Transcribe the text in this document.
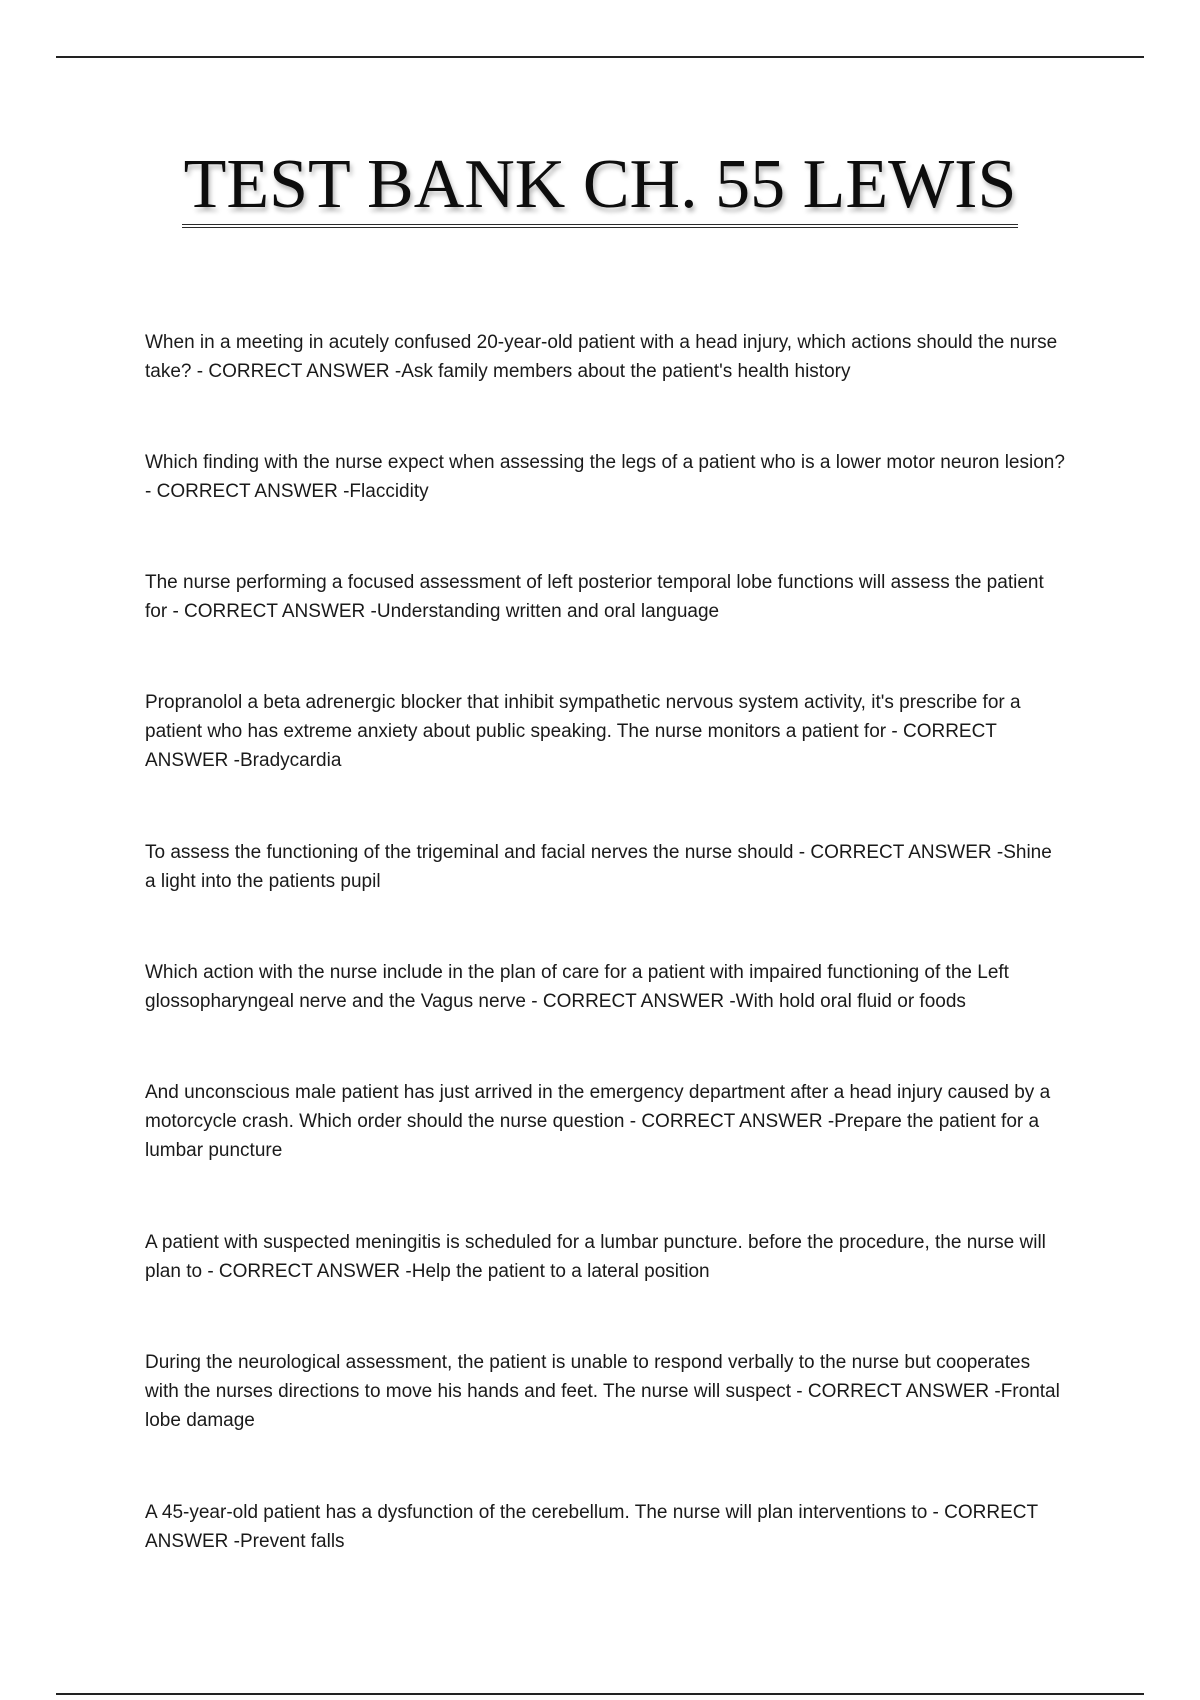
TEST BANK CH. 55 LEWIS

When in a meeting in acutely confused 20-year-old patient with a head injury, which actions should the nurse take? - CORRECT ANSWER -Ask family members about the patient's health history

Which finding with the nurse expect when assessing the legs of a patient who is a lower motor neuron lesion? - CORRECT ANSWER -Flaccidity

The nurse performing a focused assessment of left posterior temporal lobe functions will assess the patient for - CORRECT ANSWER -Understanding written and oral language

Propranolol a beta adrenergic blocker that inhibit sympathetic nervous system activity, it's prescribe for a patient who has extreme anxiety about public speaking. The nurse monitors a patient for - CORRECT ANSWER -Bradycardia

To assess the functioning of the trigeminal and facial nerves the nurse should - CORRECT ANSWER -Shine a light into the patients pupil

Which action with the nurse include in the plan of care for a patient with impaired functioning of the Left glossopharyngeal nerve and the Vagus nerve - CORRECT ANSWER -With hold oral fluid or foods

And unconscious male patient has just arrived in the emergency department after a head injury caused by a motorcycle crash. Which order should the nurse question - CORRECT ANSWER -Prepare the patient for a lumbar puncture

A patient with suspected meningitis is scheduled for a lumbar puncture. before the procedure, the nurse will plan to - CORRECT ANSWER -Help the patient to a lateral position

During the neurological assessment, the patient is unable to respond verbally to the nurse but cooperates with the nurses directions to move his hands and feet. The nurse will suspect - CORRECT ANSWER -Frontal lobe damage

A 45-year-old patient has a dysfunction of the cerebellum. The nurse will plan interventions to - CORRECT ANSWER -Prevent falls
